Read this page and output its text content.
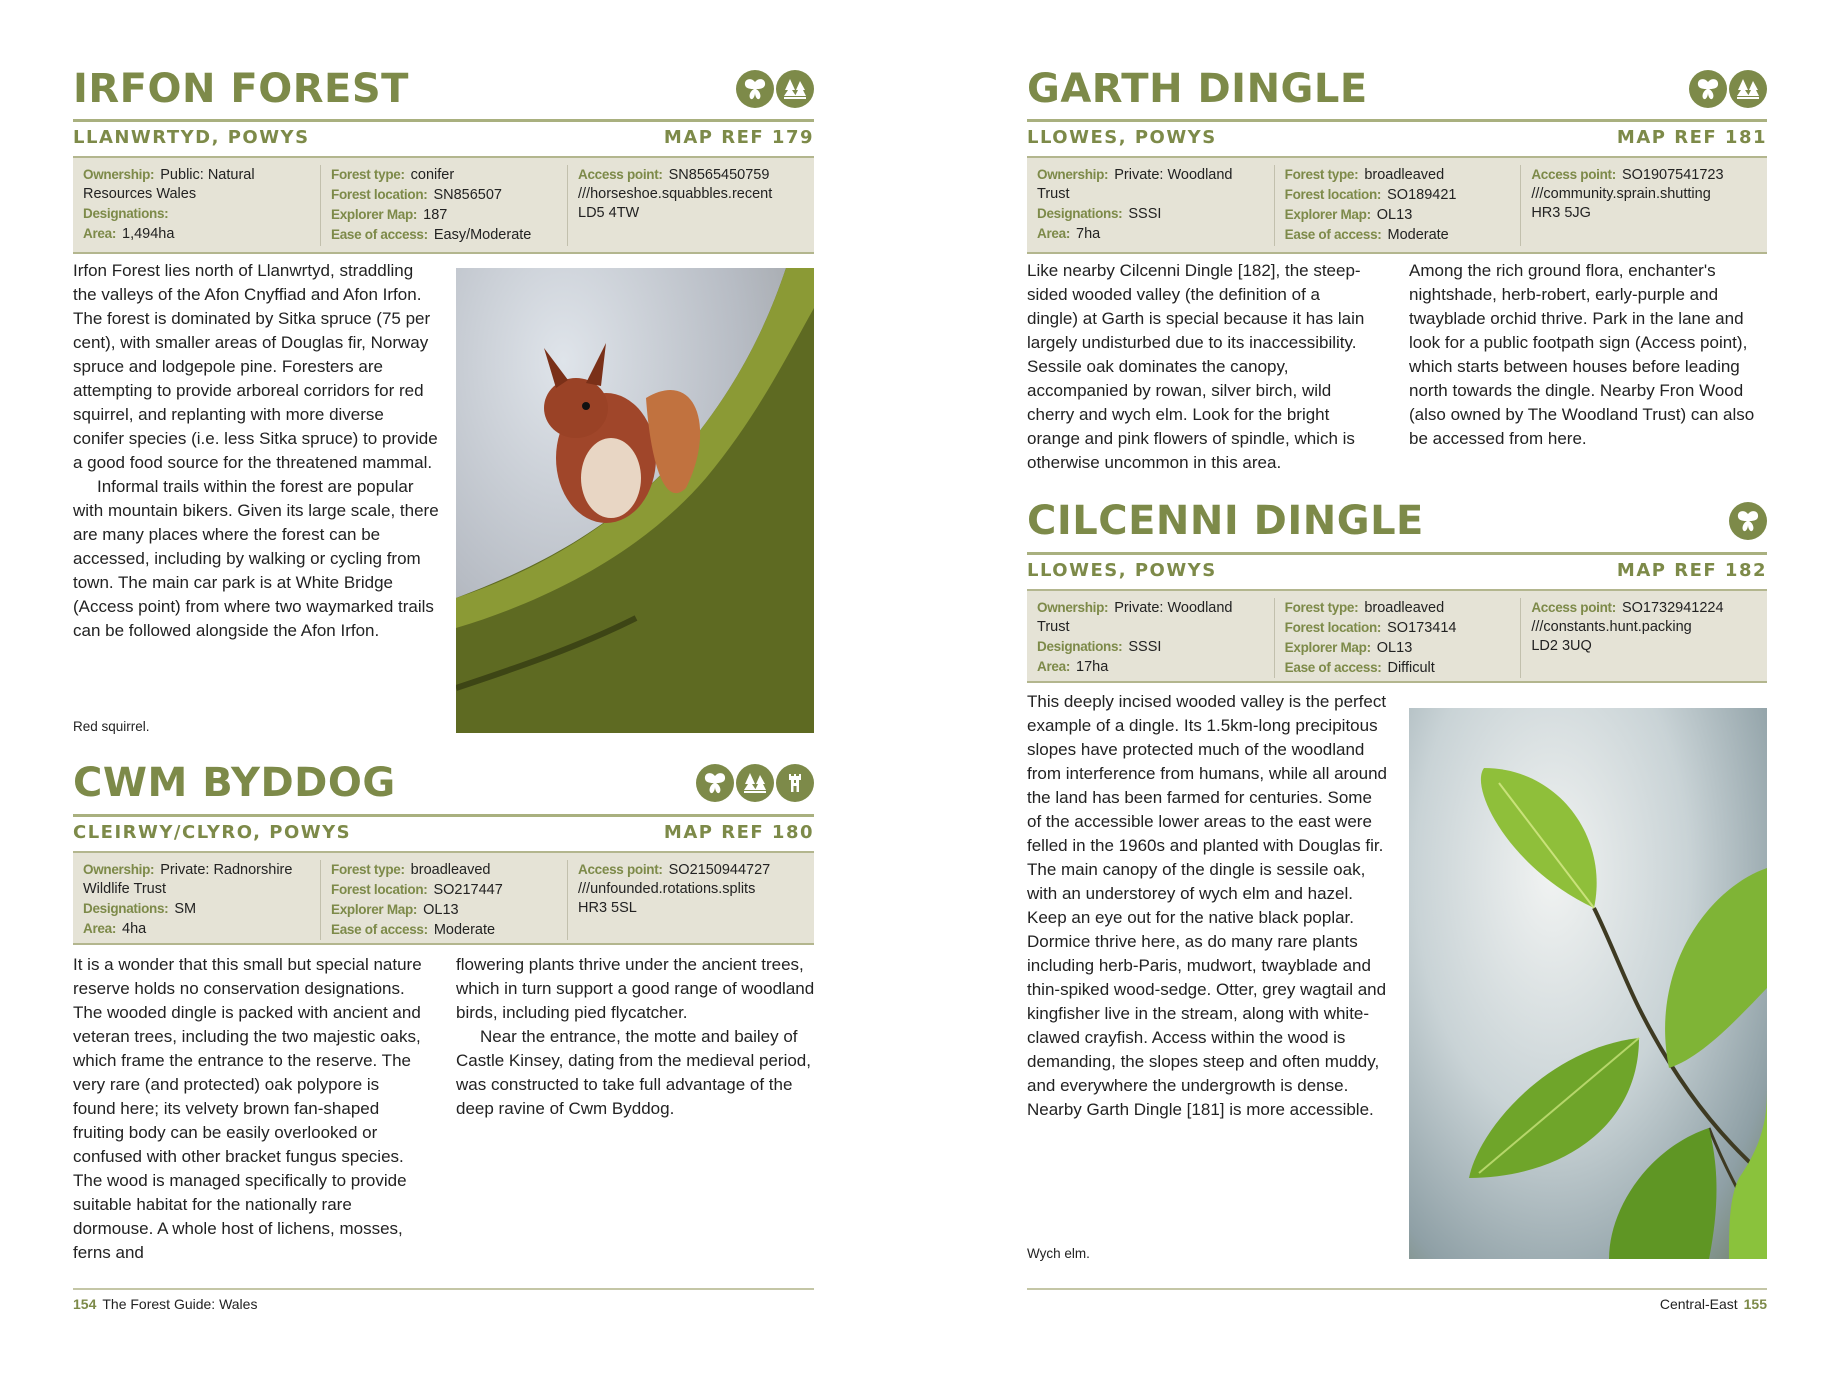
IRFON FOREST
LLANWRTYD, POWYS	MAP REF 179
Ownership: Public: Natural Resources Wales
Designations:
Area: 1,494ha
Forest type: conifer
Forest location: SN856507
Explorer Map: 187
Ease of access: Easy/Moderate
Access point: SN8565450759
///horseshoe.squabbles.recent
LD5 4TW

Irfon Forest lies north of Llanwrtyd, straddling the valleys of the Afon Cnyffiad and Afon Irfon. The forest is dominated by Sitka spruce (75 per cent), with smaller areas of Douglas fir, Norway spruce and lodgepole pine. Foresters are attempting to provide arboreal corridors for red squirrel, and replanting with more diverse conifer species (i.e. less Sitka spruce) to provide a good food source for the threatened mammal.

Informal trails within the forest are popular with mountain bikers. Given its large scale, there are many places where the forest can be accessed, including by walking or cycling from town. The main car park is at White Bridge (Access point) from where two waymarked trails can be followed alongside the Afon Irfon.

Red squirrel.
CWM BYDDOG
CLEIRWY/CLYRO, POWYS	MAP REF 180
Ownership: Private: Radnorshire Wildlife Trust
Designations: SM
Area: 4ha
Forest type: broadleaved
Forest location: SO217447
Explorer Map: OL13
Ease of access: Moderate
Access point: SO2150944727
///unfounded.rotations.splits
HR3 5SL

It is a wonder that this small but special nature reserve holds no conservation designations. The wooded dingle is packed with ancient and veteran trees, including the two majestic oaks, which frame the entrance to the reserve. The very rare (and protected) oak polypore is found here; its velvety brown fan-shaped fruiting body can be easily overlooked or confused with other bracket fungus species. The wood is managed specifically to provide suitable habitat for the nationally rare dormouse. A whole host of lichens, mosses, ferns and

flowering plants thrive under the ancient trees, which in turn support a good range of woodland birds, including pied flycatcher.

Near the entrance, the motte and bailey of Castle Kinsey, dating from the medieval period, was constructed to take full advantage of the deep ravine of Cwm Byddog.

154 The Forest Guide: Wales
GARTH DINGLE
LLOWES, POWYS	MAP REF 181
Ownership: Private: Woodland Trust
Designations: SSSI
Area: 7ha
Forest type: broadleaved
Forest location: SO189421
Explorer Map: OL13
Ease of access: Moderate
Access point: SO1907541723
///community.sprain.shutting
HR3 5JG

Like nearby Cilcenni Dingle [182], the steep-sided wooded valley (the definition of a dingle) at Garth is special because it has lain largely undisturbed due to its inaccessibility. Sessile oak dominates the canopy, accompanied by rowan, silver birch, wild cherry and wych elm. Look for the bright orange and pink flowers of spindle, which is otherwise uncommon in this area.

Among the rich ground flora, enchanter's nightshade, herb-robert, early-purple and twayblade orchid thrive. Park in the lane and look for a public footpath sign (Access point), which starts between houses before leading north towards the dingle. Nearby Fron Wood (also owned by The Woodland Trust) can also be accessed from here.

CILCENNI DINGLE
LLOWES, POWYS	MAP REF 182
Ownership: Private: Woodland Trust
Designations: SSSI
Area: 17ha
Forest type: broadleaved
Forest location: SO173414
Explorer Map: OL13
Ease of access: Difficult
Access point: SO1732941224
///constants.hunt.packing
LD2 3UQ

This deeply incised wooded valley is the perfect example of a dingle. Its 1.5km-long precipitous slopes have protected much of the woodland from interference from humans, while all around the land has been farmed for centuries. Some of the accessible lower areas to the east were felled in the 1960s and planted with Douglas fir. The main canopy of the dingle is sessile oak, with an understorey of wych elm and hazel. Keep an eye out for the native black poplar. Dormice thrive here, as do many rare plants including herb-Paris, mudwort, twayblade and thin-spiked wood-sedge. Otter, grey wagtail and kingfisher live in the stream, along with white-clawed crayfish. Access within the wood is demanding, the slopes steep and often muddy, and everywhere the undergrowth is dense. Nearby Garth Dingle [181] is more accessible.

Wych elm.
Central-East 155
